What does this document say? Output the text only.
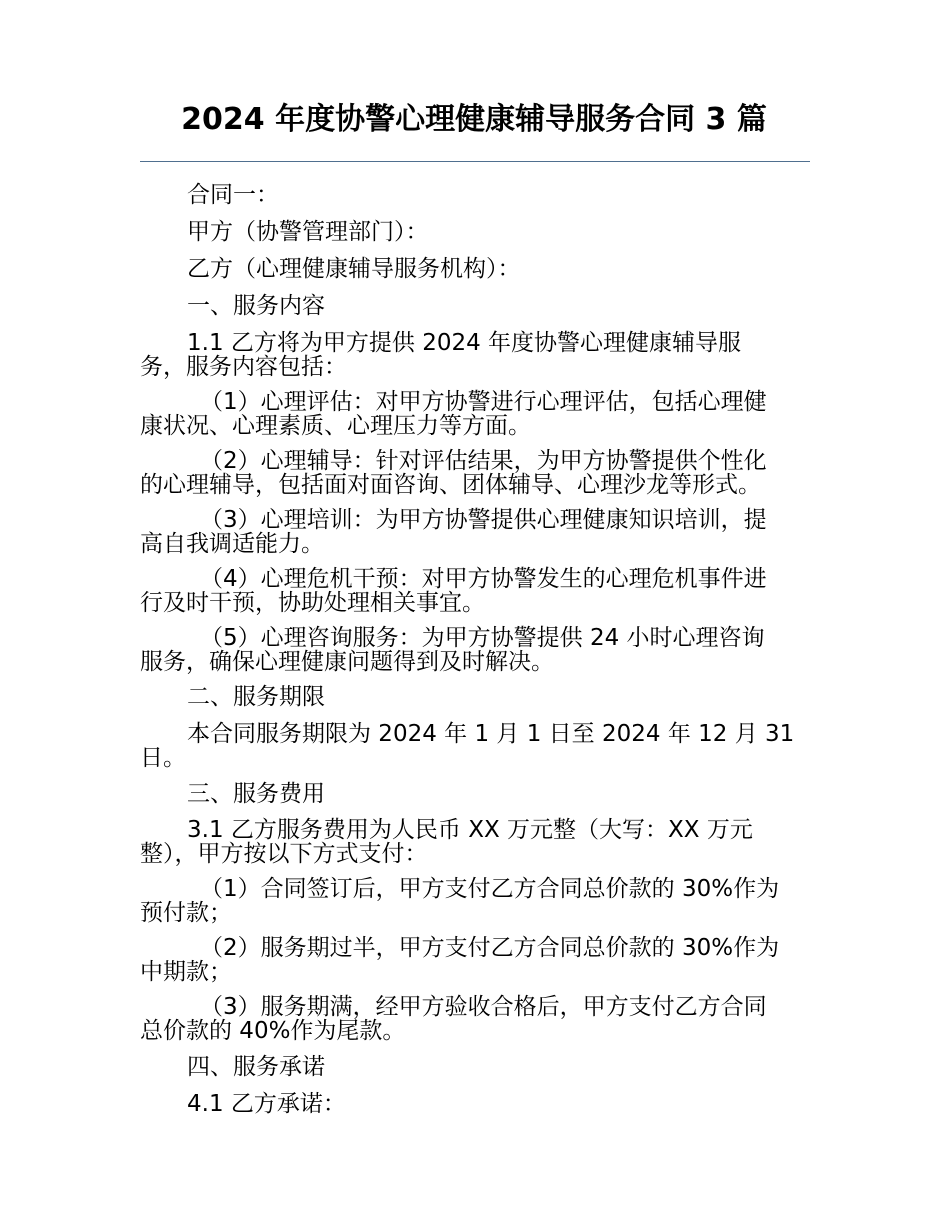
2024 年度协警心理健康辅导服务合同 3 篇

合同一：

甲方（协警管理部门）：

乙方（心理健康辅导服务机构）：

一、服务内容

1.1 乙方将为甲方提供 2024 年度协警心理健康辅导服
务，服务内容包括：

（1）心理评估：对甲方协警进行心理评估，包括心理健
康状况、心理素质、心理压力等方面。

（2）心理辅导：针对评估结果，为甲方协警提供个性化
的心理辅导，包括面对面咨询、团体辅导、心理沙龙等形式。

（3）心理培训：为甲方协警提供心理健康知识培训，提
高自我调适能力。

（4）心理危机干预：对甲方协警发生的心理危机事件进
行及时干预，协助处理相关事宜。

（5）心理咨询服务：为甲方协警提供 24 小时心理咨询
服务，确保心理健康问题得到及时解决。

二、服务期限

本合同服务期限为 2024 年 1 月 1 日至 2024 年 12 月 31
日。

三、服务费用

3.1 乙方服务费用为人民币 XX 万元整（大写：XX 万元
整），甲方按以下方式支付：

（1）合同签订后，甲方支付乙方合同总价款的 30%作为
预付款；

（2）服务期过半，甲方支付乙方合同总价款的 30%作为
中期款；

（3）服务期满，经甲方验收合格后，甲方支付乙方合同
总价款的 40%作为尾款。

四、服务承诺

4.1 乙方承诺：
